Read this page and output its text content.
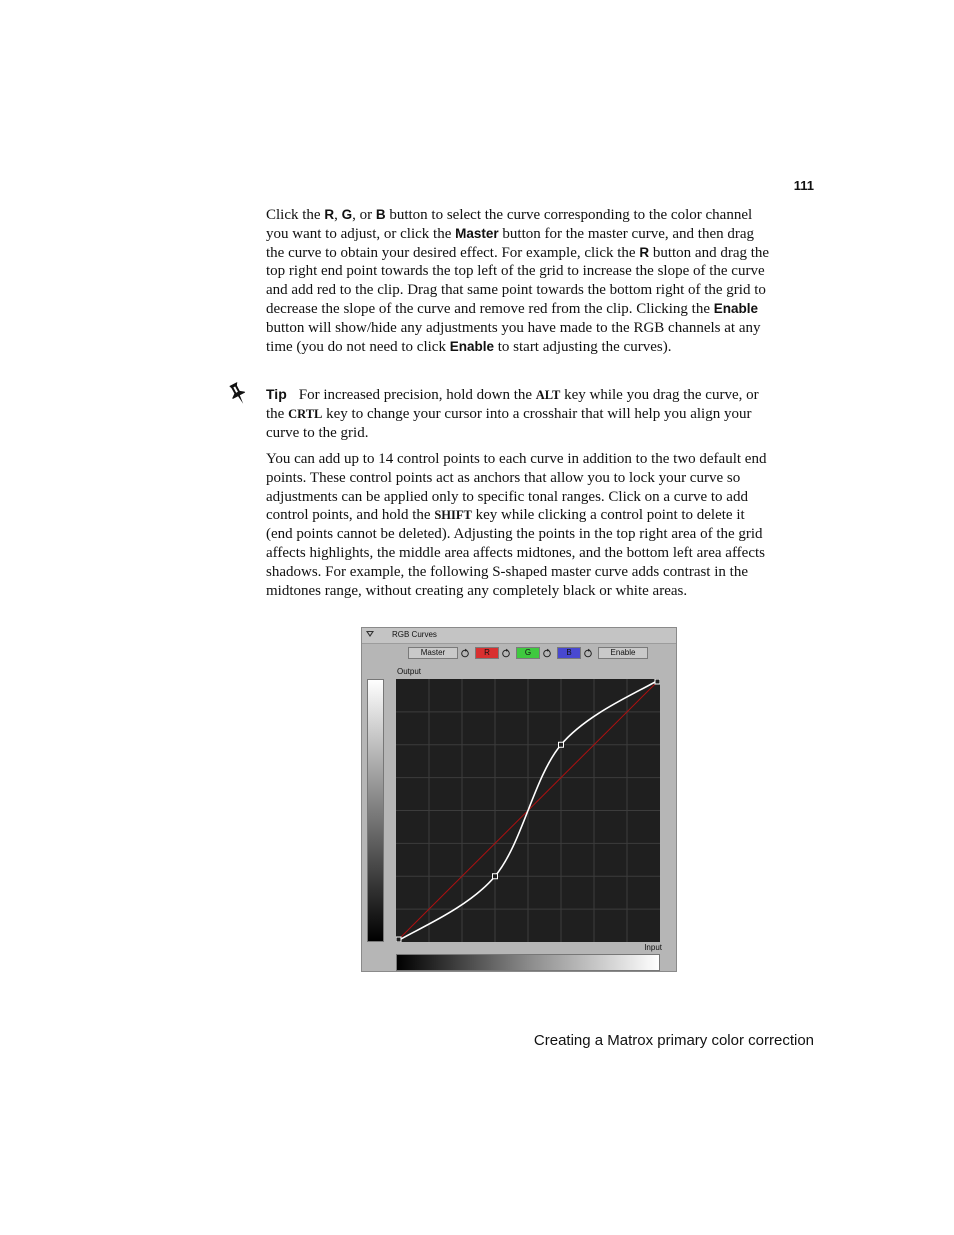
111
Click the R, G, or B button to select the curve corresponding to the color channel you want to adjust, or click the Master button for the master curve, and then drag the curve to obtain your desired effect. For example, click the R button and drag the top right end point towards the top left of the grid to increase the slope of the curve and add red to the clip. Drag that same point towards the bottom right of the grid to decrease the slope of the curve and remove red from the clip. Clicking the Enable button will show/hide any adjustments you have made to the RGB channels at any time (you do not need to click Enable to start adjusting the curves).
Tip For increased precision, hold down the ALT key while you drag the curve, or the CRTL key to change your cursor into a crosshair that will help you align your curve to the grid.
You can add up to 14 control points to each curve in addition to the two default end points. These control points act as anchors that allow you to lock your curve so adjustments can be applied only to specific tonal ranges. Click on a curve to add control points, and hold the SHIFT key while clicking a control point to delete it (end points cannot be deleted). Adjusting the points in the top right area of the grid affects highlights, the middle area affects midtones, and the bottom left area affects shadows. For example, the following S-shaped master curve adds contrast in the midtones range, without creating any completely black or white areas.
RGB Curves
Master	R	G	B	Enable
Output
Input
Creating a Matrox primary color correction
